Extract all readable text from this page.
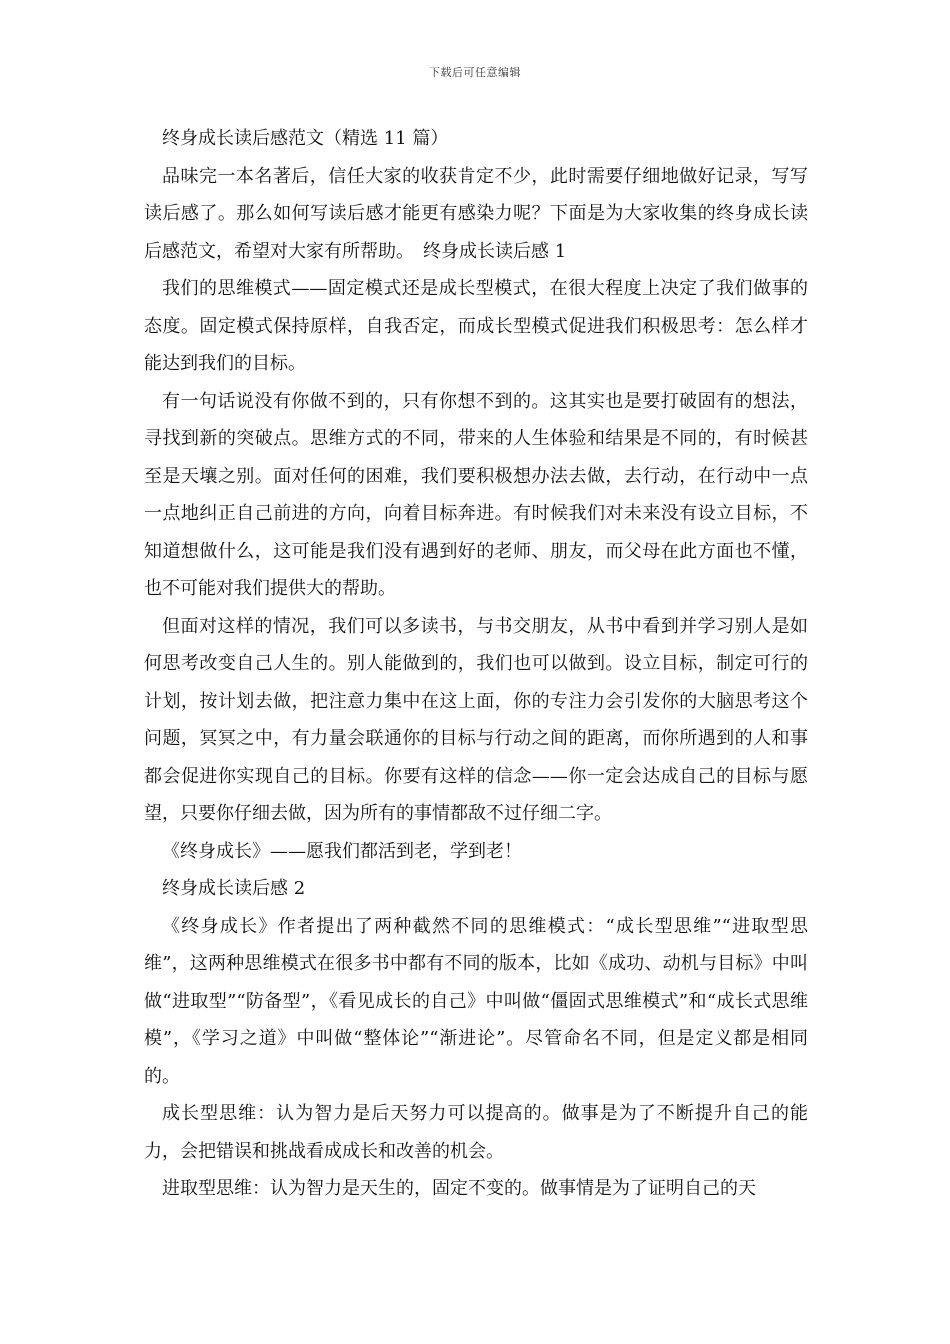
下载后可任意编辑

终身成长读后感范文（精选 11 篇）

品味完一本名著后，信任大家的收获肯定不少，此时需要仔细地做好记录，写写读后感了。那么如何写读后感才能更有感染力呢？下面是为大家收集的终身成长读后感范文，希望对大家有所帮助。　终身成长读后感 1

我们的思维模式——固定模式还是成长型模式，在很大程度上决定了我们做事的态度。固定模式保持原样，自我否定，而成长型模式促进我们积极思考：怎么样才能达到我们的目标。

有一句话说没有你做不到的，只有你想不到的。这其实也是要打破固有的想法，寻找到新的突破点。思维方式的不同，带来的人生体验和结果是不同的，有时候甚至是天壤之别。面对任何的困难，我们要积极想办法去做，去行动，在行动中一点一点地纠正自己前进的方向，向着目标奔进。有时候我们对未来没有设立目标，不知道想做什么，这可能是我们没有遇到好的老师、朋友，而父母在此方面也不懂，也不可能对我们提供大的帮助。

但面对这样的情况，我们可以多读书，与书交朋友，从书中看到并学习别人是如何思考改变自己人生的。别人能做到的，我们也可以做到。设立目标，制定可行的计划，按计划去做，把注意力集中在这上面，你的专注力会引发你的大脑思考这个问题，冥冥之中，有力量会联通你的目标与行动之间的距离，而你所遇到的人和事都会促进你实现自己的目标。你要有这样的信念——你一定会达成自己的目标与愿望，只要你仔细去做，因为所有的事情都敌不过仔细二字。

《终身成长》——愿我们都活到老，学到老！

终身成长读后感 2

《终身成长》作者提出了两种截然不同的思维模式：“成长型思维”“进取型思维”，这两种思维模式在很多书中都有不同的版本，比如《成功、动机与目标》中叫做“进取型”“防备型”，《看见成长的自己》中叫做“僵固式思维模式”和“成长式思维模”，《学习之道》中叫做“整体论”“渐进论”。尽管命名不同，但是定义都是相同的。

成长型思维：认为智力是后天努力可以提高的。做事是为了不断提升自己的能力，会把错误和挑战看成成长和改善的机会。

进取型思维：认为智力是天生的，固定不变的。做事情是为了证明自己的天
